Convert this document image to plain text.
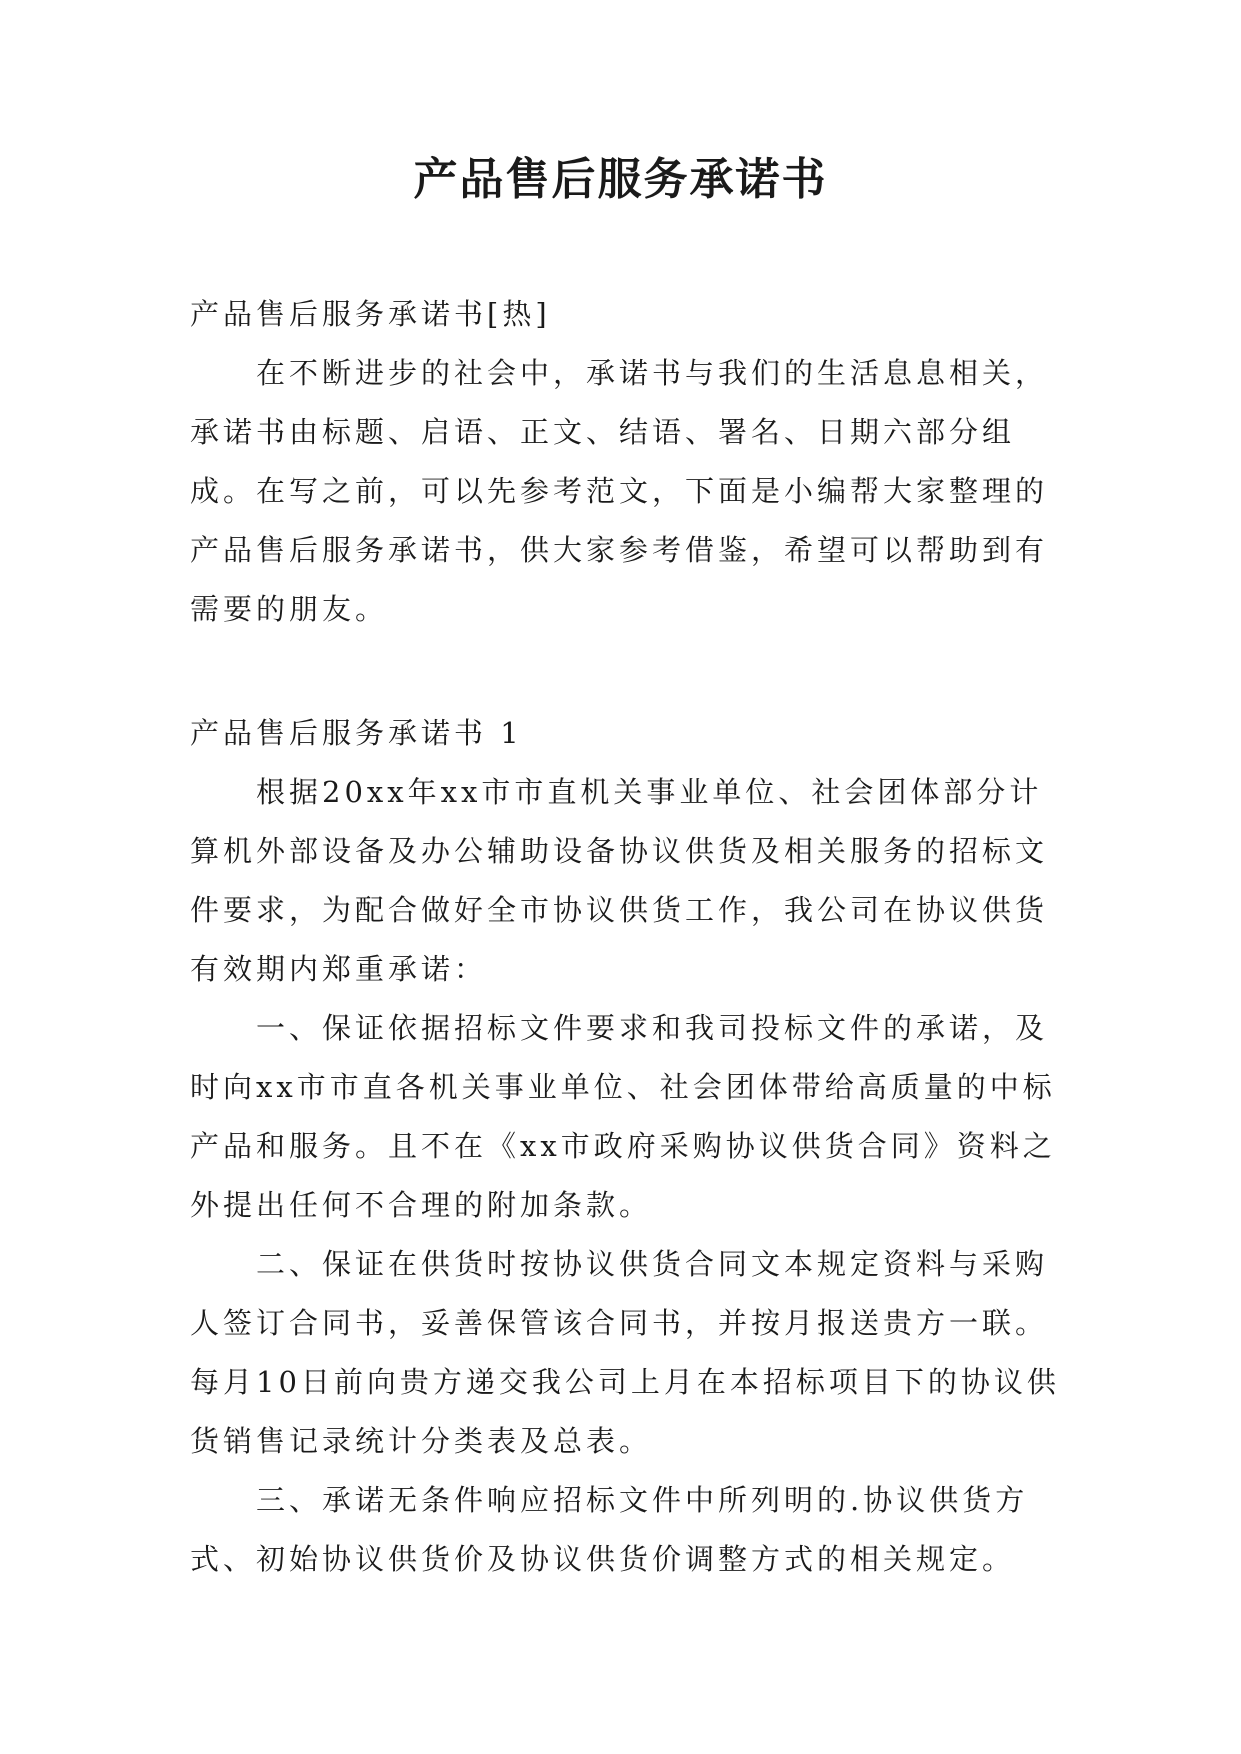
产品售后服务承诺书

产品售后服务承诺书[热]

在不断进步的社会中，承诺书与我们的生活息息相关，承诺书由标题、启语、正文、结语、署名、日期六部分组成。在写之前，可以先参考范文，下面是小编帮大家整理的产品售后服务承诺书，供大家参考借鉴，希望可以帮助到有需要的朋友。

产品售后服务承诺书 1

根据20xx年xx市市直机关事业单位、社会团体部分计算机外部设备及办公辅助设备协议供货及相关服务的招标文件要求，为配合做好全市协议供货工作，我公司在协议供货有效期内郑重承诺：

一、保证依据招标文件要求和我司投标文件的承诺，及时向xx市市直各机关事业单位、社会团体带给高质量的中标产品和服务。且不在《xx市政府采购协议供货合同》资料之外提出任何不合理的附加条款。

二、保证在供货时按协议供货合同文本规定资料与采购人签订合同书，妥善保管该合同书，并按月报送贵方一联。每月10日前向贵方递交我公司上月在本招标项目下的协议供货销售记录统计分类表及总表。

三、承诺无条件响应招标文件中所列明的.协议供货方式、初始协议供货价及协议供货价调整方式的相关规定。
